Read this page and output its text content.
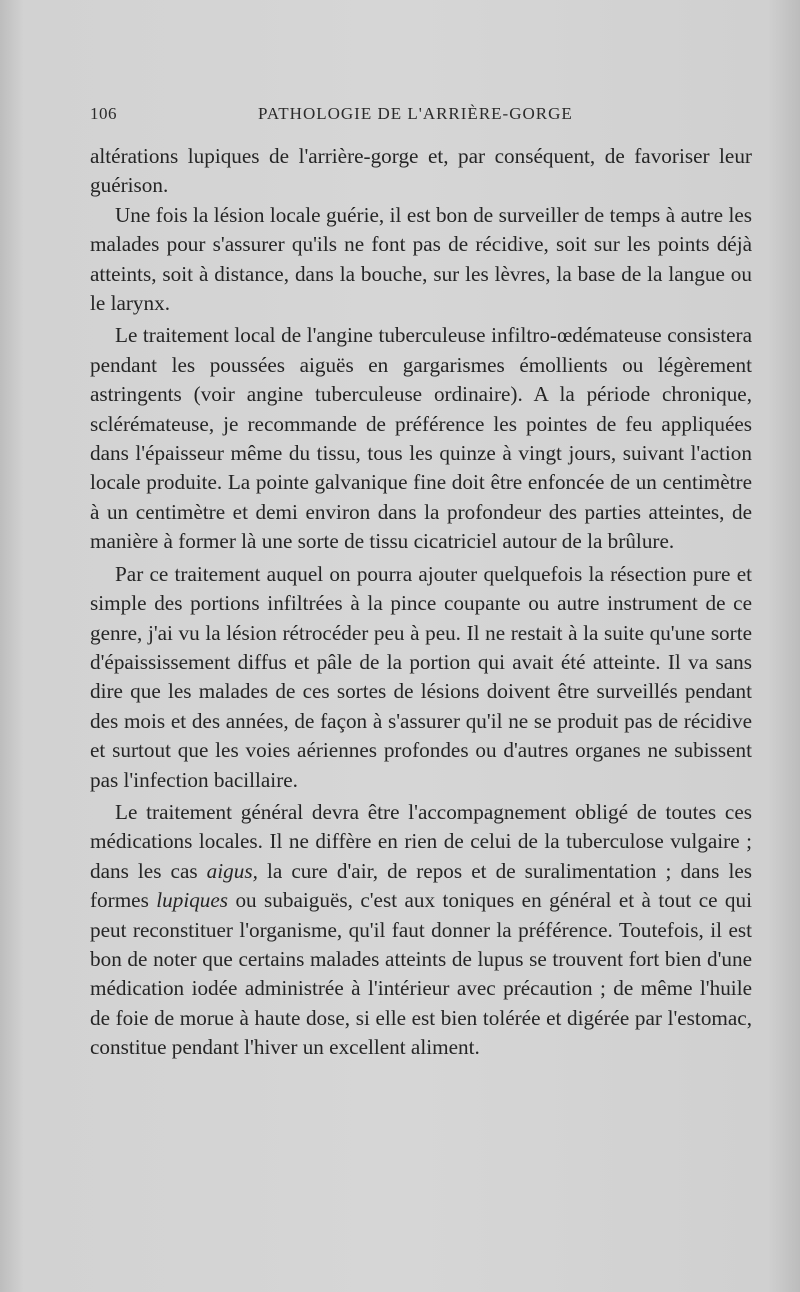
106	PATHOLOGIE DE L'ARRIÈRE-GORGE

altérations lupiques de l'arrière-gorge et, par conséquent, de favoriser leur guérison.

Une fois la lésion locale guérie, il est bon de surveiller de temps à autre les malades pour s'assurer qu'ils ne font pas de récidive, soit sur les points déjà atteints, soit à distance, dans la bouche, sur les lèvres, la base de la langue ou le larynx.

Le traitement local de l'angine tuberculeuse infiltro-œdémateuse consistera pendant les poussées aiguës en gargarismes émollients ou légèrement astringents (voir angine tuberculeuse ordinaire). A la période chronique, sclérémateuse, je recommande de préférence les pointes de feu appliquées dans l'épaisseur même du tissu, tous les quinze à vingt jours, suivant l'action locale produite. La pointe galvanique fine doit être enfoncée de un centimètre à un centimètre et demi environ dans la profondeur des parties atteintes, de manière à former là une sorte de tissu cicatriciel autour de la brûlure.

Par ce traitement auquel on pourra ajouter quelquefois la résection pure et simple des portions infiltrées à la pince coupante ou autre instrument de ce genre, j'ai vu la lésion rétrocéder peu à peu. Il ne restait à la suite qu'une sorte d'épaississement diffus et pâle de la portion qui avait été atteinte. Il va sans dire que les malades de ces sortes de lésions doivent être surveillés pendant des mois et des années, de façon à s'assurer qu'il ne se produit pas de récidive et surtout que les voies aériennes profondes ou d'autres organes ne subissent pas l'infection bacillaire.

Le traitement général devra être l'accompagnement obligé de toutes ces médications locales. Il ne diffère en rien de celui de la tuberculose vulgaire ; dans les cas aigus, la cure d'air, de repos et de suralimentation ; dans les formes lupiques ou subaiguës, c'est aux toniques en général et à tout ce qui peut reconstituer l'organisme, qu'il faut donner la préférence. Toutefois, il est bon de noter que certains malades atteints de lupus se trouvent fort bien d'une médication iodée administrée à l'intérieur avec précaution ; de même l'huile de foie de morue à haute dose, si elle est bien tolérée et digérée par l'estomac, constitue pendant l'hiver un excellent aliment.
